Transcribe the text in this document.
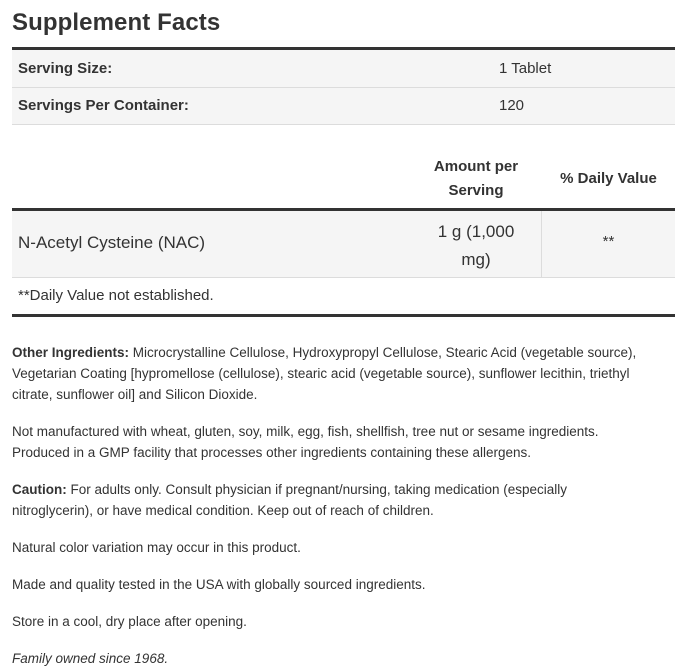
Supplement Facts
Serving Size:	1 Tablet
Servings Per Container:	120
Amount per
Serving
% Daily Value
N-Acetyl Cysteine (NAC)
1 g (1,000
mg)
**
**Daily Value not established.
Other Ingredients: Microcrystalline Cellulose, Hydroxypropyl Cellulose, Stearic Acid (vegetable source),
Vegetarian Coating [hypromellose (cellulose), stearic acid (vegetable source), sunflower lecithin, triethyl
citrate, sunflower oil] and Silicon Dioxide.
Not manufactured with wheat, gluten, soy, milk, egg, fish, shellfish, tree nut or sesame ingredients.
Produced in a GMP facility that processes other ingredients containing these allergens.
Caution: For adults only. Consult physician if pregnant/nursing, taking medication (especially
nitroglycerin), or have medical condition. Keep out of reach of children.
Natural color variation may occur in this product.
Made and quality tested in the USA with globally sourced ingredients.
Store in a cool, dry place after opening.
Family owned since 1968.
